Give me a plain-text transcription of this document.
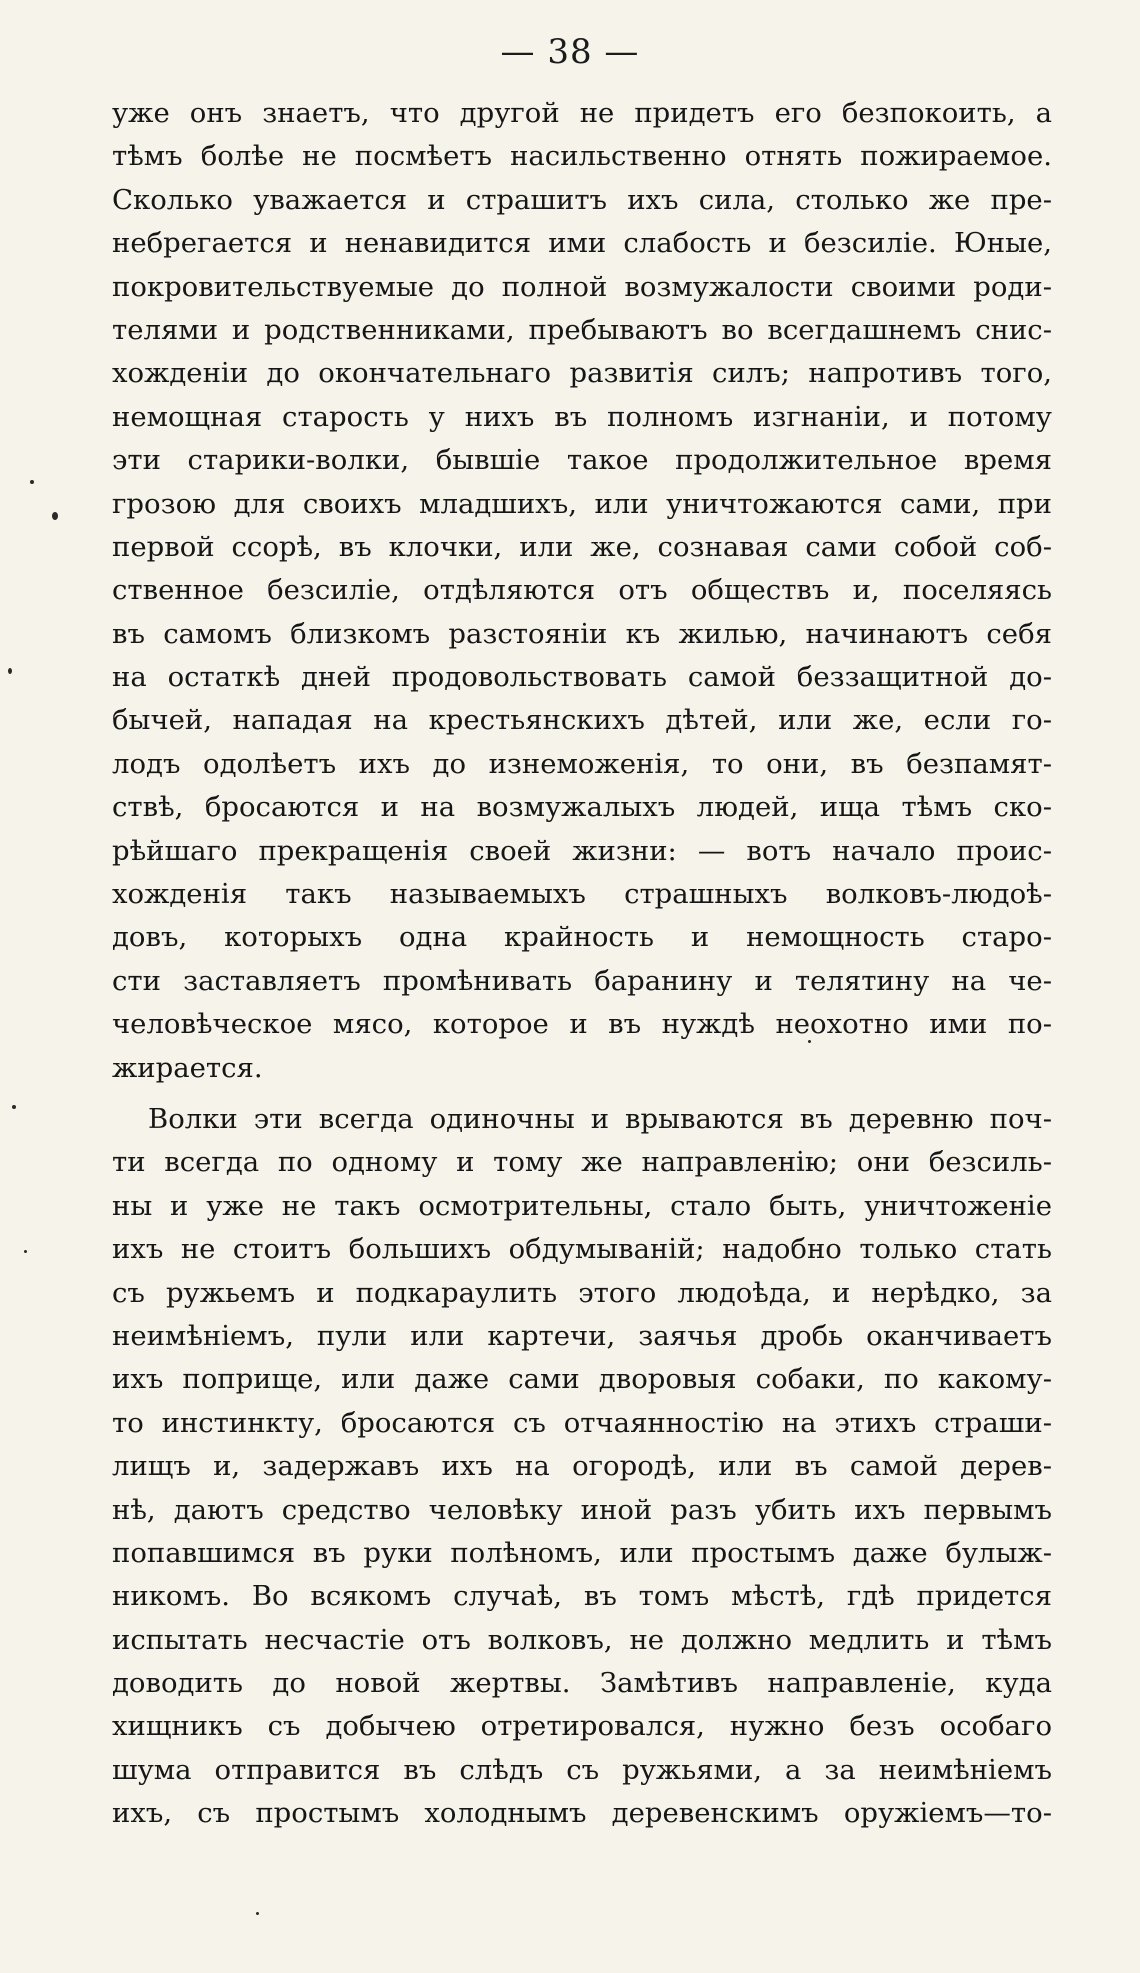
— 38 —
уже онъ знаетъ, что другой не придетъ его безпокоить, а
тѣмъ болѣе не посмѣетъ насильственно отнять пожираемое.
Сколько уважается и страшитъ ихъ сила, столько же пре-
небрегается и ненавидится ими слабость и безсиліе. Юные,
покровительствуемые до полной возмужалости своими роди-
телями и родственниками, пребываютъ во всегдашнемъ снис-
хожденіи до окончательнаго развитія силъ; напротивъ того,
немощная старость у нихъ въ полномъ изгнаніи, и потому
эти старики-волки, бывшіе такое продолжительное время
грозою для своихъ младшихъ, или уничтожаются сами, при
первой ссорѣ, въ клочки, или же, сознавая сами собой соб-
ственное безсиліе, отдѣляются отъ обществъ и, поселяясь
въ самомъ близкомъ разстояніи къ жилью, начинаютъ себя
на остаткѣ дней продовольствовать самой беззащитной до-
бычей, нападая на крестьянскихъ дѣтей, или же, если го-
лодъ одолѣетъ ихъ до изнеможенія, то они, въ безпамят-
ствѣ, бросаются и на возмужалыхъ людей, ища тѣмъ ско-
рѣйшаго прекращенія своей жизни: — вотъ начало проис-
хожденія такъ называемыхъ страшныхъ волковъ-людоѣ-
довъ, которыхъ одна крайность и немощность старо-
сти заставляетъ промѣнивать баранину и телятину на че-
человѣческое мясо, которое и въ нуждѣ неохотно ими по-
жирается.
Волки эти всегда одиночны и врываются въ деревню поч-
ти всегда по одному и тому же направленію; они безсиль-
ны и уже не такъ осмотрительны, стало быть, уничтоженіе
ихъ не стоитъ большихъ обдумываній; надобно только стать
съ ружьемъ и подкараулить этого людоѣда, и нерѣдко, за
неимѣніемъ, пули или картечи, заячья дробь оканчиваетъ
ихъ поприще, или даже сами дворовыя собаки, по какому-
то инстинкту, бросаются съ отчаянностію на этихъ страши-
лищъ и, задержавъ ихъ на огородѣ, или въ самой дерев-
нѣ, даютъ средство человѣку иной разъ убить ихъ первымъ
попавшимся въ руки полѣномъ, или простымъ даже булыж-
никомъ. Во всякомъ случаѣ, въ томъ мѣстѣ, гдѣ придется
испытать несчастіе отъ волковъ, не должно медлить и тѣмъ
доводить до новой жертвы. Замѣтивъ направленіе, куда
хищникъ съ добычею отретировался, нужно безъ особаго
шума отправится въ слѣдъ съ ружьями, а за неимѣніемъ
ихъ, съ простымъ холоднымъ деревенскимъ оружіемъ—то-
